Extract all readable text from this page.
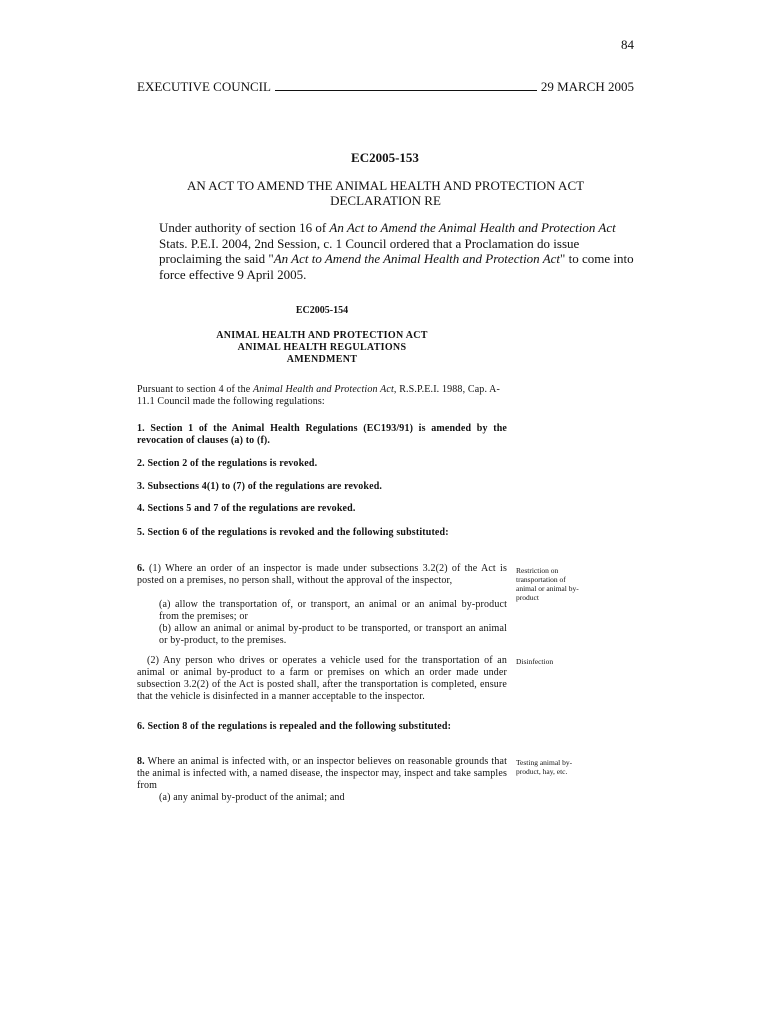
84
EXECUTIVE COUNCIL	29 MARCH 2005
EC2005-153
AN ACT TO AMEND THE ANIMAL HEALTH AND PROTECTION ACT
DECLARATION RE
Under authority of section 16 of An Act to Amend the Animal Health and Protection Act Stats. P.E.I. 2004, 2nd Session, c. 1 Council ordered that a Proclamation do issue proclaiming the said "An Act to Amend the Animal Health and Protection Act" to come into force effective 9 April 2005.
EC2005-154
ANIMAL HEALTH AND PROTECTION ACT
ANIMAL HEALTH REGULATIONS
AMENDMENT
Pursuant to section 4 of the Animal Health and Protection Act, R.S.P.E.I. 1988, Cap. A-11.1 Council made the following regulations:
1. Section 1 of the Animal Health Regulations (EC193/91) is amended by the revocation of clauses (a) to (f).
2. Section 2 of the regulations is revoked.
3. Subsections 4(1) to (7) of the regulations are revoked.
4. Sections 5 and 7 of the regulations are revoked.
5. Section 6 of the regulations is revoked and the following substituted:
6. (1) Where an order of an inspector is made under subsections 3.2(2) of the Act is posted on a premises, no person shall, without the approval of the inspector,
(a) allow the transportation of, or transport, an animal or an animal by-product from the premises; or
(b) allow an animal or animal by-product to be transported, or transport an animal or by-product, to the premises.
Restriction on transportation of animal or animal by-product
(2) Any person who drives or operates a vehicle used for the transportation of an animal or animal by-product to a farm or premises on which an order made under subsection 3.2(2) of the Act is posted shall, after the transportation is completed, ensure that the vehicle is disinfected in a manner acceptable to the inspector.
Disinfection
6. Section 8 of the regulations is repealed and the following substituted:
8. Where an animal is infected with, or an inspector believes on reasonable grounds that the animal is infected with, a named disease, the inspector may, inspect and take samples from
(a) any animal by-product of the animal; and
Testing animal by-product, hay, etc.
